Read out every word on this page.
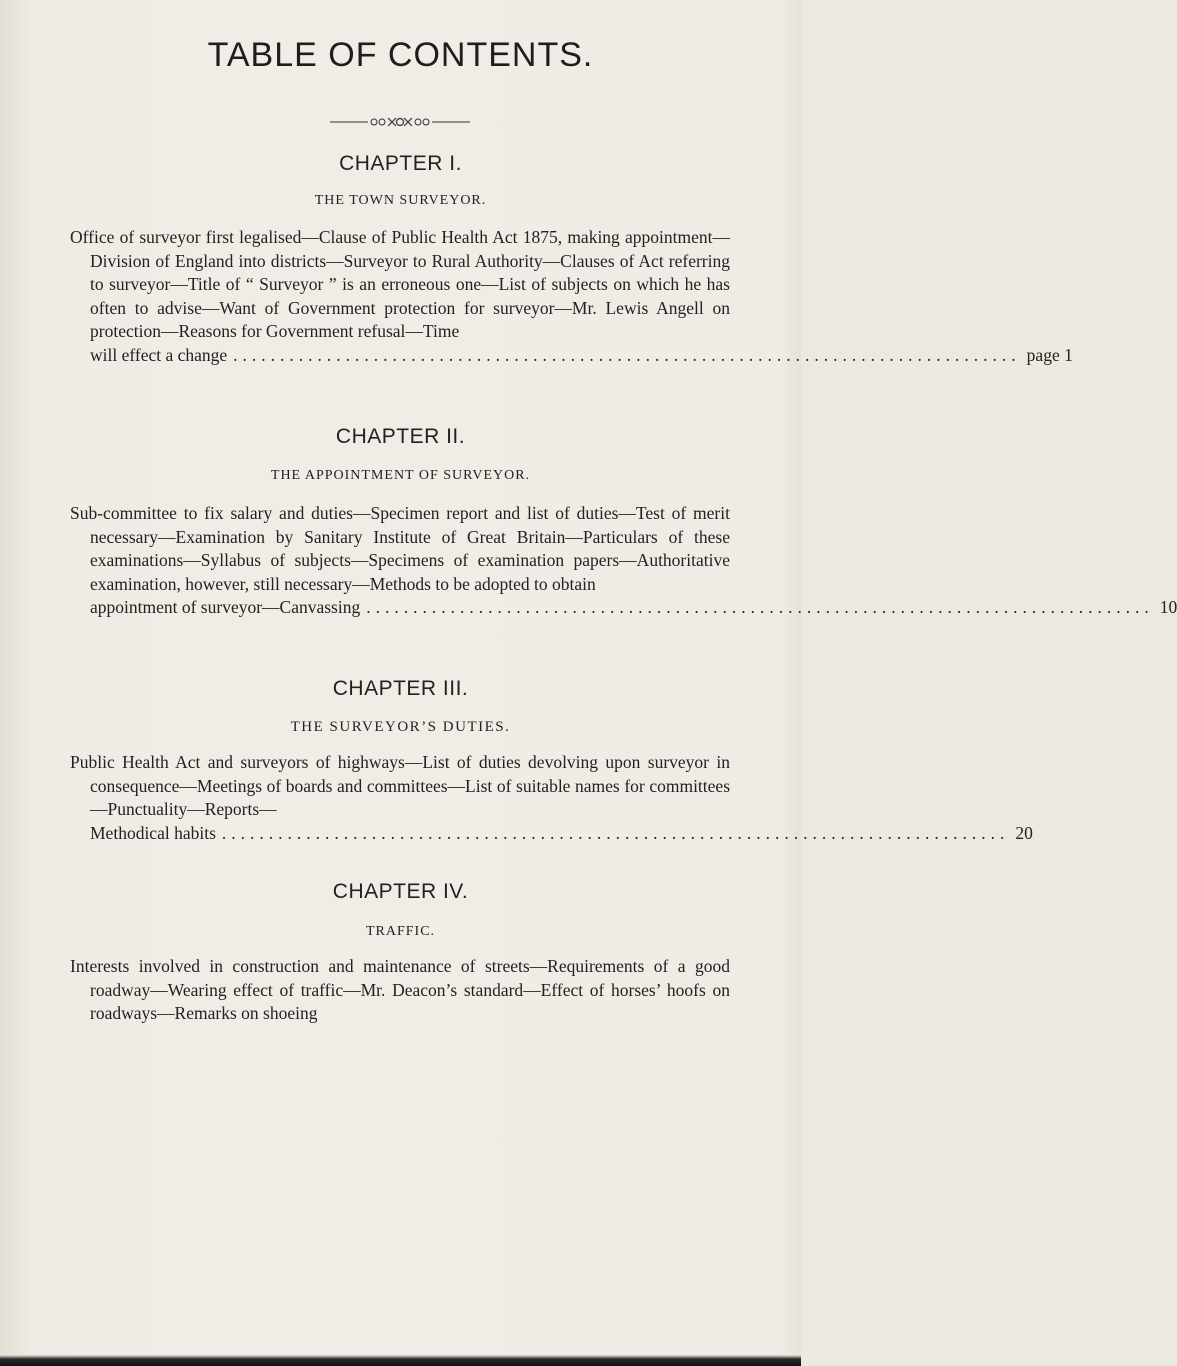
TABLE OF CONTENTS.
CHAPTER I.
THE TOWN SURVEYOR.
Office of surveyor first legalised—Clause of Public Health Act 1875, making appointment—Division of England into districts—Surveyor to Rural Authority—Clauses of Act referring to surveyor—Title of “ Surveyor ” is an erroneous one—List of subjects on which he has often to advise—Want of Government protection for surveyor—Mr. Lewis Angell on protection—Reasons for Government refusal—Time
will effect a change .................................................................................... page 1
CHAPTER II.
THE APPOINTMENT OF SURVEYOR.
Sub-committee to fix salary and duties—Specimen report and list of duties—Test of merit necessary—Examination by Sanitary Institute of Great Britain—Particulars of these examinations—Syllabus of subjects—Specimens of examination papers—Authoritative examination, however, still necessary—Methods to be adopted to obtain
appointment of surveyor—Canvassing .................................................................................... 10
CHAPTER III.
THE SURVEYOR’S DUTIES.
Public Health Act and surveyors of highways—List of duties devolving upon surveyor in consequence—Meetings of boards and committees—List of suitable names for committees—Punctuality—Reports—
Methodical habits .................................................................................... 20
CHAPTER IV.
TRAFFIC.
Interests involved in construction and maintenance of streets—Requirements of a good roadway—Wearing effect of traffic—Mr. Deacon’s standard—Effect of horses’ hoofs on roadways—Remarks on shoeing
